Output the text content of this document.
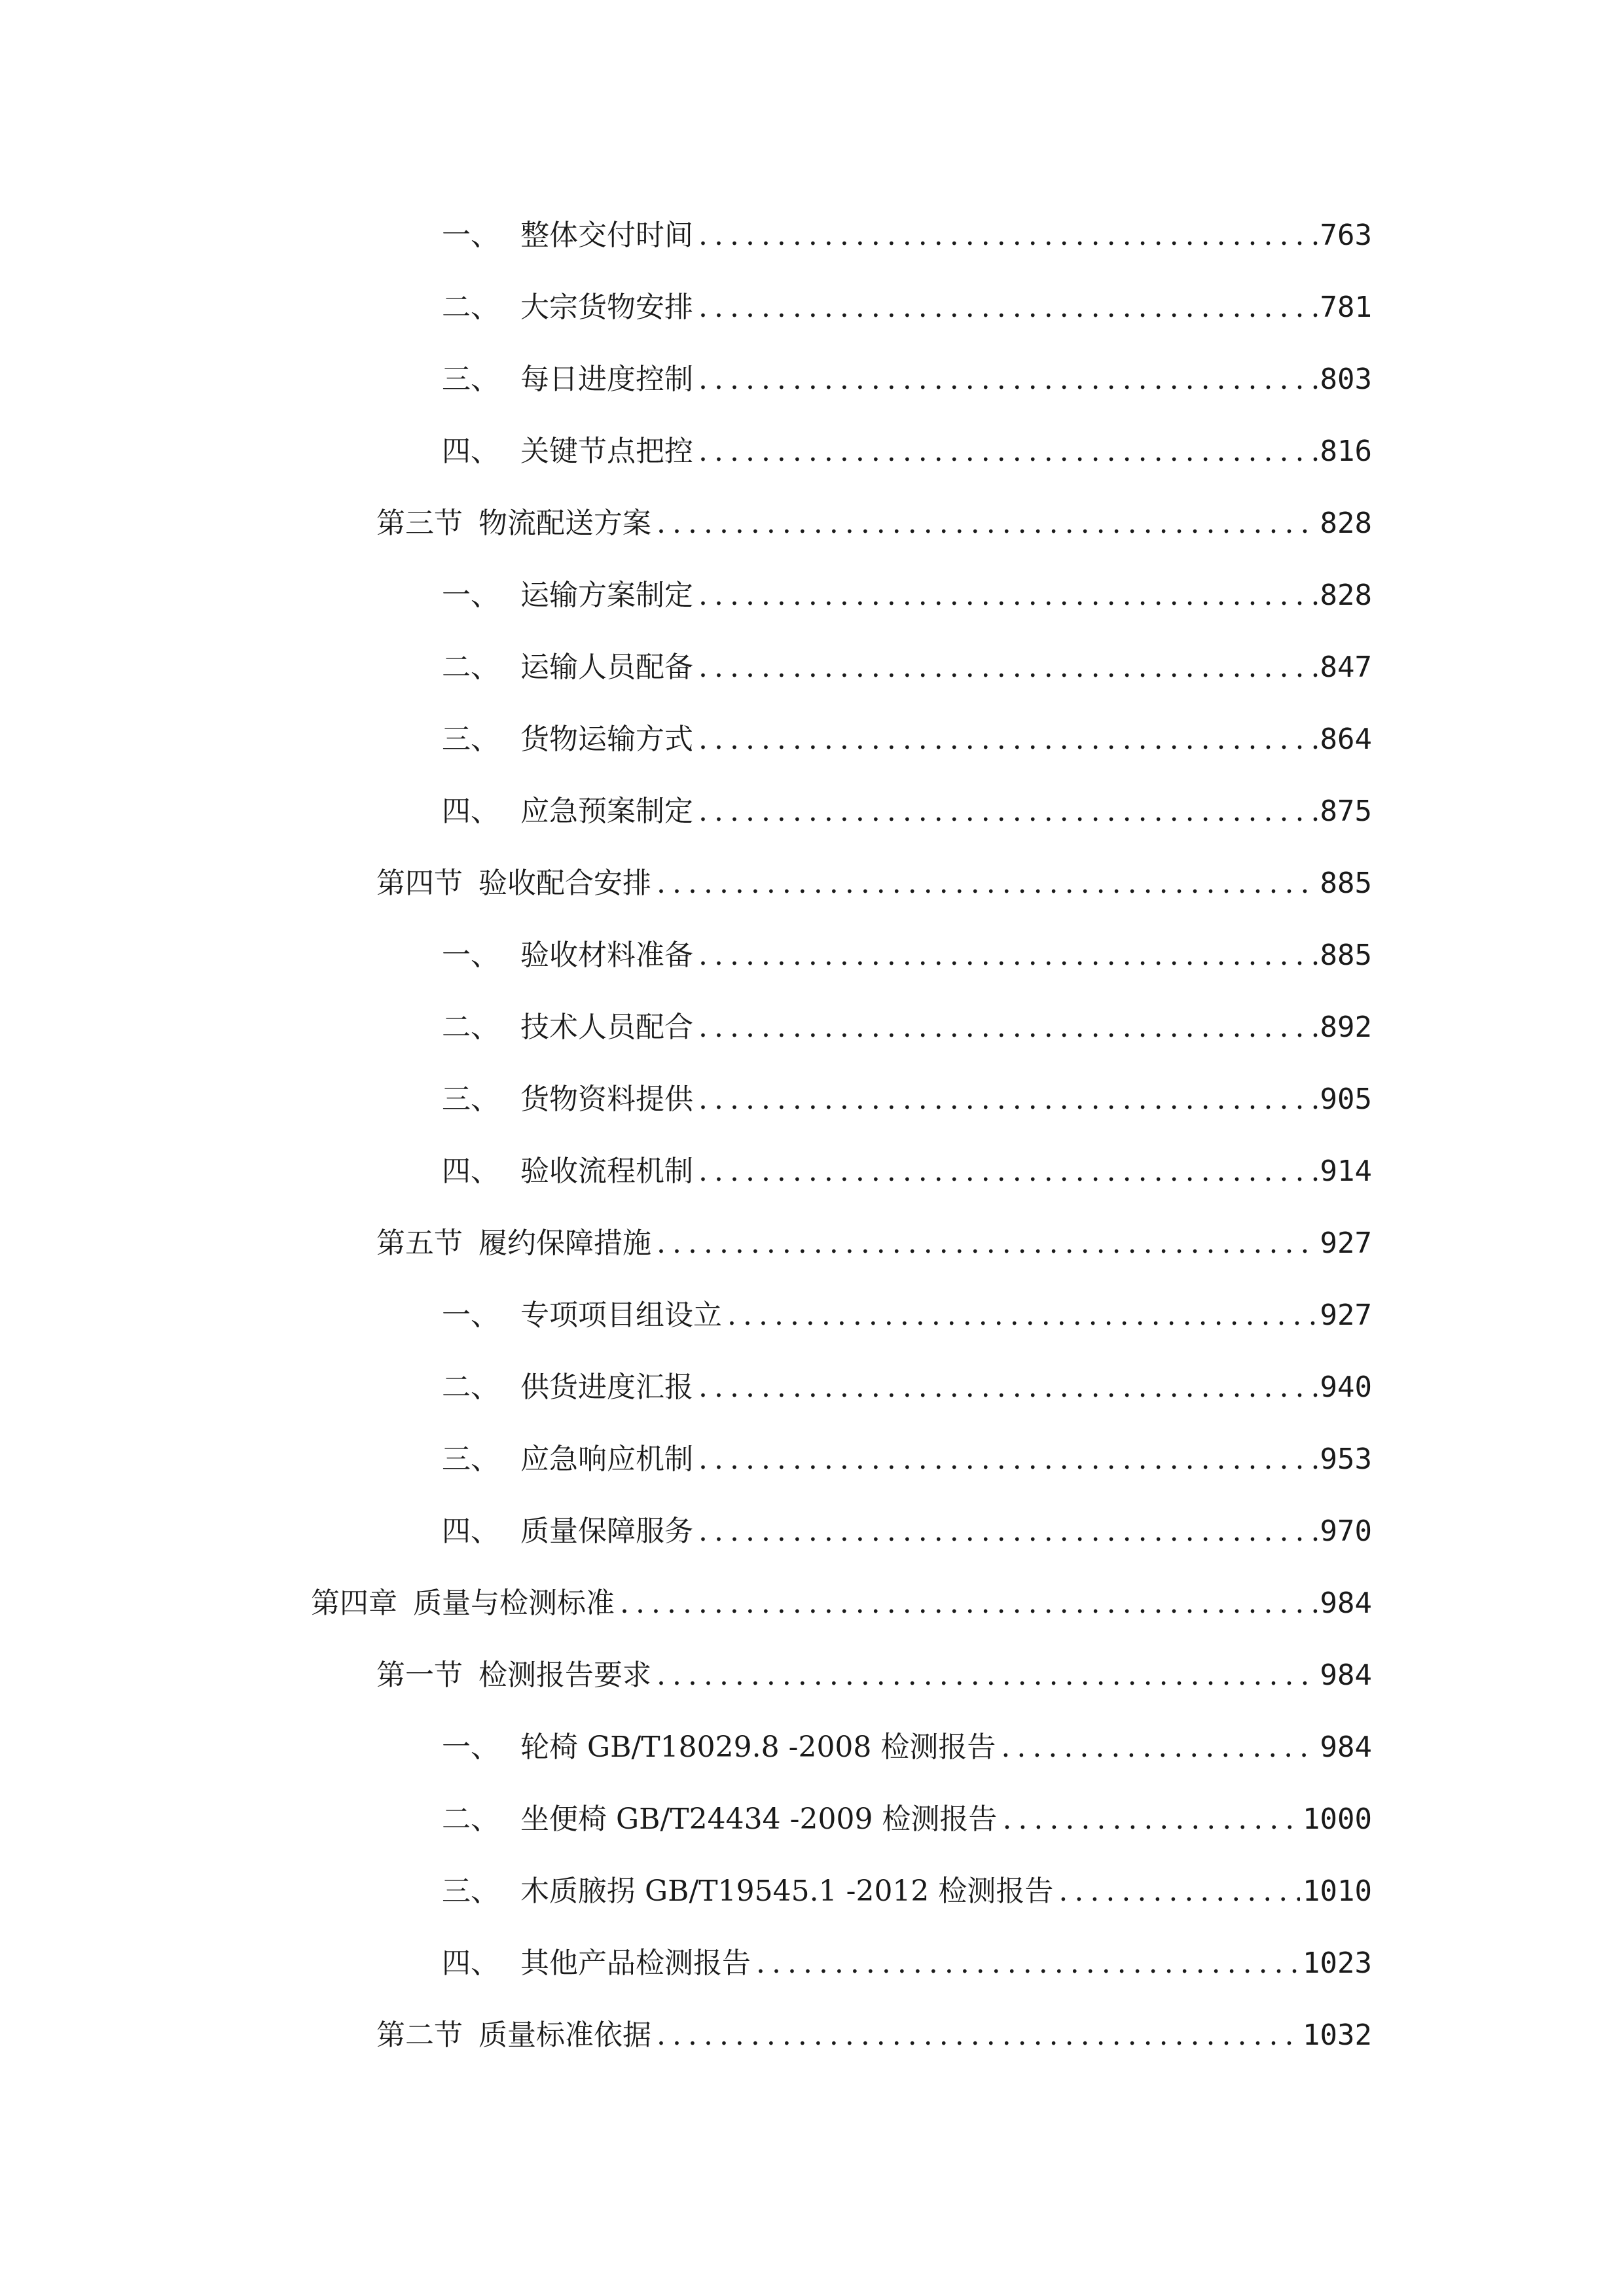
一、 整体交付时间 .....	763
二、 大宗货物安排 .....	781
三、 每日进度控制 .....	803
四、 关键节点把控 .....	816
第三节 物流配送方案 .....	828
一、 运输方案制定 .....	828
二、 运输人员配备 .....	847
三、 货物运输方式 .....	864
四、 应急预案制定 .....	875
第四节 验收配合安排 .....	885
一、 验收材料准备 .....	885
二、 技术人员配合 .....	892
三、 货物资料提供 .....	905
四、 验收流程机制 .....	914
第五节 履约保障措施 .....	927
一、 专项项目组设立 .....	927
二、 供货进度汇报 .....	940
三、 应急响应机制 .....	953
四、 质量保障服务 .....	970
第四章 质量与检测标准 .....	984
第一节 检测报告要求 .....	984
一、 轮椅 GB/T18029.8 -2008 检测报告 .....	984
二、 坐便椅 GB/T24434 -2009 检测报告 .....	1000
三、 木质腋拐 GB/T19545.1 -2012 检测报告 .....	1010
四、 其他产品检测报告 .....	1023
第二节 质量标准依据 .....	1032
